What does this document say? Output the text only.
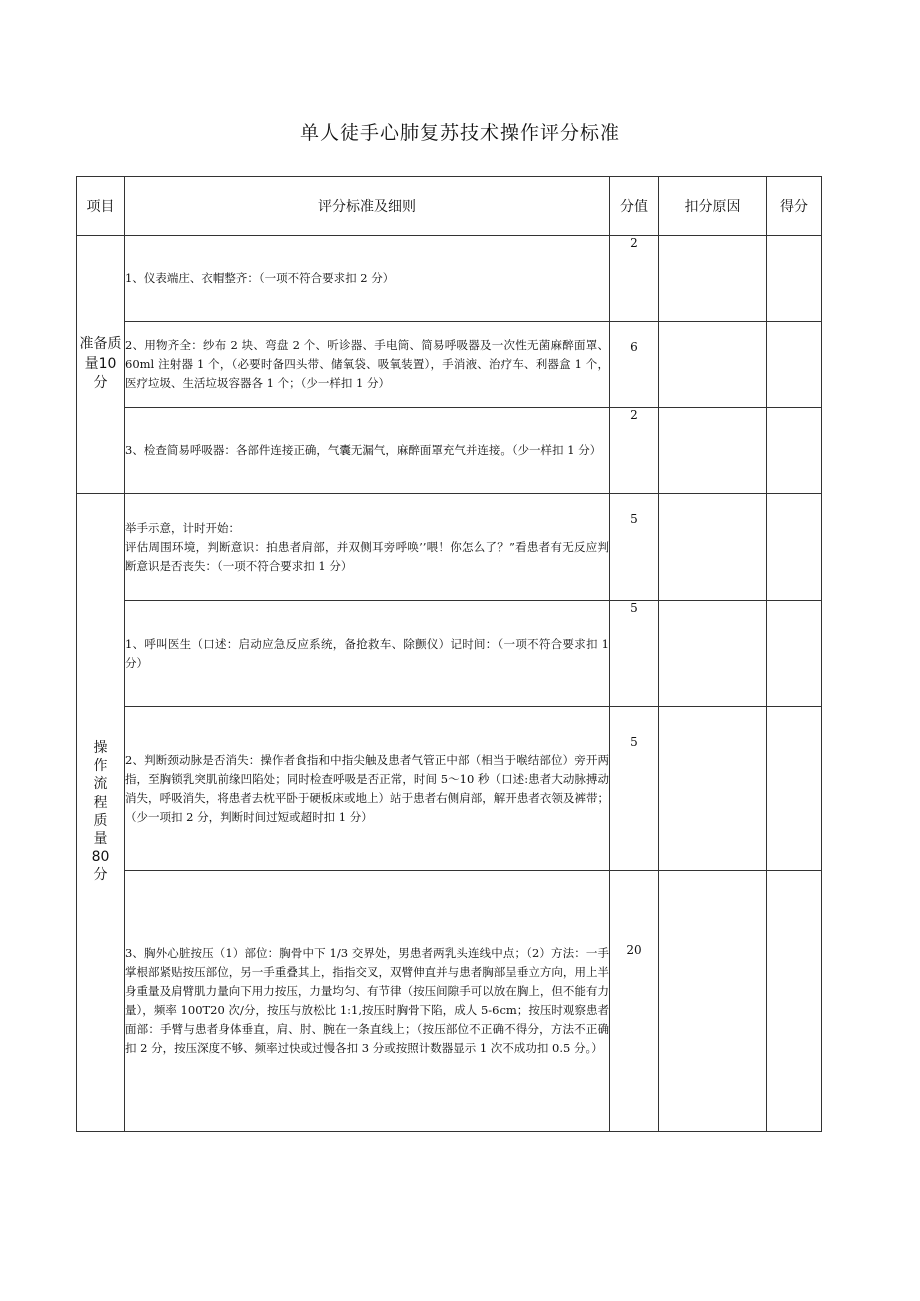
单人徒手心肺复苏技术操作评分标准
项目	评分标准及细则	分值	扣分原因	得分
准备质量10分	1、仪表端庄、衣帽整齐：（一项不符合要求扣 2 分）	2		
	2、用物齐全：纱布 2 块、弯盘 2 个、听诊器、手电筒、简易呼吸器及一次性无菌麻醉面罩、60ml 注射器 1 个，（必要时备四头带、储氧袋、吸氧装置），手消液、治疗车、利器盒 1 个，医疗垃圾、生活垃圾容器各 1 个；（少一样扣 1 分）	6		
	3、检查简易呼吸器：各部件连接正确，气囊无漏气，麻醉面罩充气并连接。（少一样扣 1 分）	2		
操作流程质量80分	举手示意，计时开始：
评估周围环境，判断意识：拍患者肩部，并双侧耳旁呼唤’’喂！你怎么了？”看患者有无反应判断意识是否丧失：（一项不符合要求扣 1 分）	5		
	1、呼叫医生（口述：启动应急反应系统，备抢救车、除颤仪）记时间：（一项不符合要求扣 1 分）	5		
	2、判断颈动脉是否消失：操作者食指和中指尖触及患者气管正中部（相当于喉结部位）旁开两指，至胸锁乳突肌前缘凹陷处；同时检查呼吸是否正常，时间 5～10 秒（口述:患者大动脉搏动消失，呼吸消失，将患者去枕平卧于硬板床或地上）站于患者右侧肩部，解开患者衣领及裤带；（少一项扣 2 分，判断时间过短或超时扣 1 分）	5		
	3、胸外心脏按压（1）部位：胸骨中下 1/3 交界处，男患者两乳头连线中点；（2）方法：一手掌根部紧贴按压部位，另一手重叠其上，指指交叉，双臂伸直并与患者胸部呈垂立方向，用上半身重量及肩臂肌力量向下用力按压，力量均匀、有节律（按压间隙手可以放在胸上，但不能有力量），频率 100T20 次/分，按压与放松比 1:1,按压时胸骨下陷，成人 5-6cm；按压时观察患者面部：手臂与患者身体垂直，肩、肘、腕在一条直线上；（按压部位不正确不得分，方法不正确扣 2 分，按压深度不够、频率过快或过慢各扣 3 分或按照计数器显示 1 次不成功扣 0.5 分。）	20		
